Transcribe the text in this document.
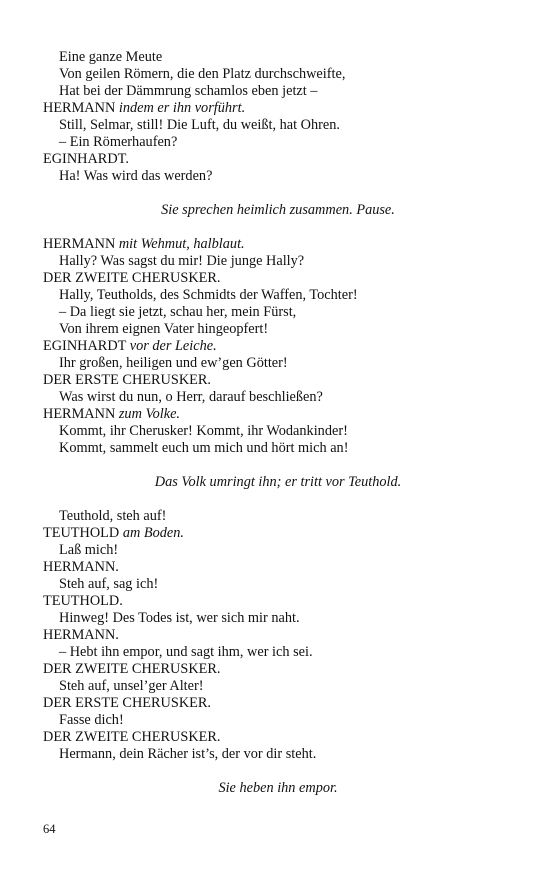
Eine ganze Meute
Von geilen Römern, die den Platz durchschweifte,
Hat bei der Dämmrung schamlos eben jetzt –
HERMANN indem er ihn vorführt.
Still, Selmar, still! Die Luft, du weißt, hat Ohren.
– Ein Römerhaufen?
EGINHARDT.
Ha! Was wird das werden?
Sie sprechen heimlich zusammen. Pause.
HERMANN mit Wehmut, halblaut.
Hally? Was sagst du mir! Die junge Hally?
DER ZWEITE CHERUSKER.
Hally, Teutholds, des Schmidts der Waffen, Tochter!
– Da liegt sie jetzt, schau her, mein Fürst,
Von ihrem eignen Vater hingeopfert!
EGINHARDT vor der Leiche.
Ihr großen, heiligen und ew’gen Götter!
DER ERSTE CHERUSKER.
Was wirst du nun, o Herr, darauf beschließen?
HERMANN zum Volke.
Kommt, ihr Cherusker! Kommt, ihr Wodankinder!
Kommt, sammelt euch um mich und hört mich an!
Das Volk umringt ihn; er tritt vor Teuthold.
Teuthold, steh auf!
TEUTHOLD am Boden.
Laß mich!
HERMANN.
Steh auf, sag ich!
TEUTHOLD.
Hinweg! Des Todes ist, wer sich mir naht.
HERMANN.
– Hebt ihn empor, und sagt ihm, wer ich sei.
DER ZWEITE CHERUSKER.
Steh auf, unsel’ger Alter!
DER ERSTE CHERUSKER.
Fasse dich!
DER ZWEITE CHERUSKER.
Hermann, dein Rächer ist’s, der vor dir steht.
Sie heben ihn empor.
64
